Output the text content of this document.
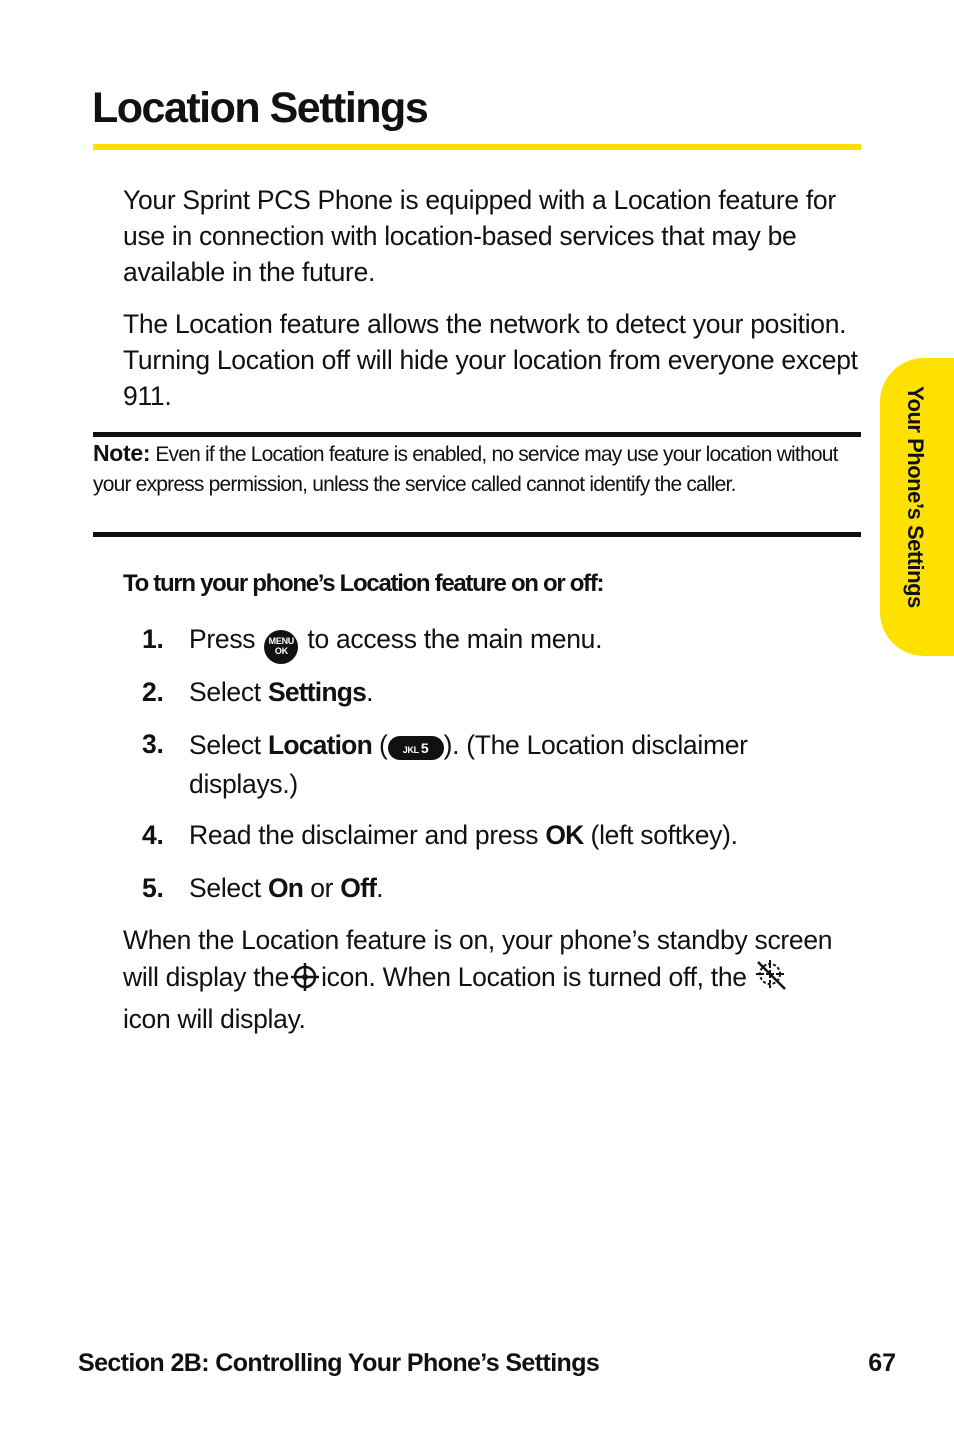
Location Settings

Your Sprint PCS Phone is equipped with a Location feature for use in connection with location-based services that may be available in the future.

The Location feature allows the network to detect your position. Turning Location off will hide your location from everyone except 911.

Note: Even if the Location feature is enabled, no service may use your location without your express permission, unless the service called cannot identify the caller.

To turn your phone’s Location feature on or off:

1. Press MENU
OK to access the main menu.
2. Select Settings.
3. Select Location ( JKL 5 ). (The Location disclaimer displays.)
4. Read the disclaimer and press OK (left softkey).
5. Select On or Off.

When the Location feature is on, your phone’s standby screen will display the icon. When Location is turned off, the
icon will display.

Your Phone’s Settings
Section 2B: Controlling Your Phone’s Settings	67
